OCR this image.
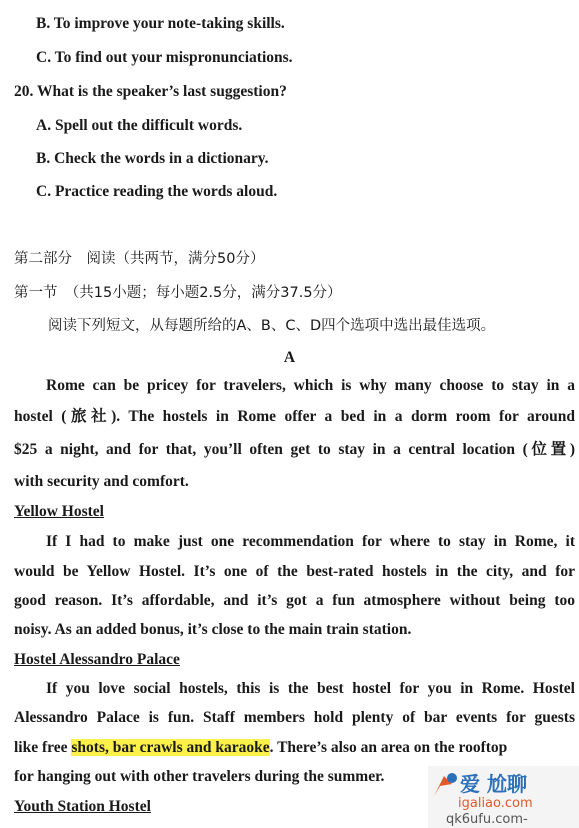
B. To improve your note-taking skills.
C. To find out your mispronunciations.
20. What is the speaker’s last suggestion?
A. Spell out the difficult words.
B. Check the words in a dictionary.
C. Practice reading the words aloud.
第二部分　阅读（共两节，满分50分）
第一节　（共15小题；每小题2.5分，满分37.5分）
阅读下列短文，从每题所给的A、B、C、D四个选项中选出最佳选项。
A
Rome can be pricey for travelers, which is why many choose to stay in a
hostel (旅社). The hostels in Rome offer a bed in a dorm room for around
$25 a night, and for that, you’ll often get to stay in a central location (位置)
with security and comfort.
Yellow Hostel
If I had to make just one recommendation for where to stay in Rome, it
would be Yellow Hostel. It’s one of the best-rated hostels in the city, and for
good reason. It’s affordable, and it’s got a fun atmosphere without being too
noisy. As an added bonus, it’s close to the main train station.
Hostel Alessandro Palace
If you love social hostels, this is the best hostel for you in Rome. Hostel
Alessandro Palace is fun. Staff members hold plenty of bar events for guests
like free shots, bar crawls and karaoke. There’s also an area on the rooftop
for hanging out with other travelers during the summer.
Youth Station Hostel
爱 尬聊
igaliao.com
qk6ufu.com-
